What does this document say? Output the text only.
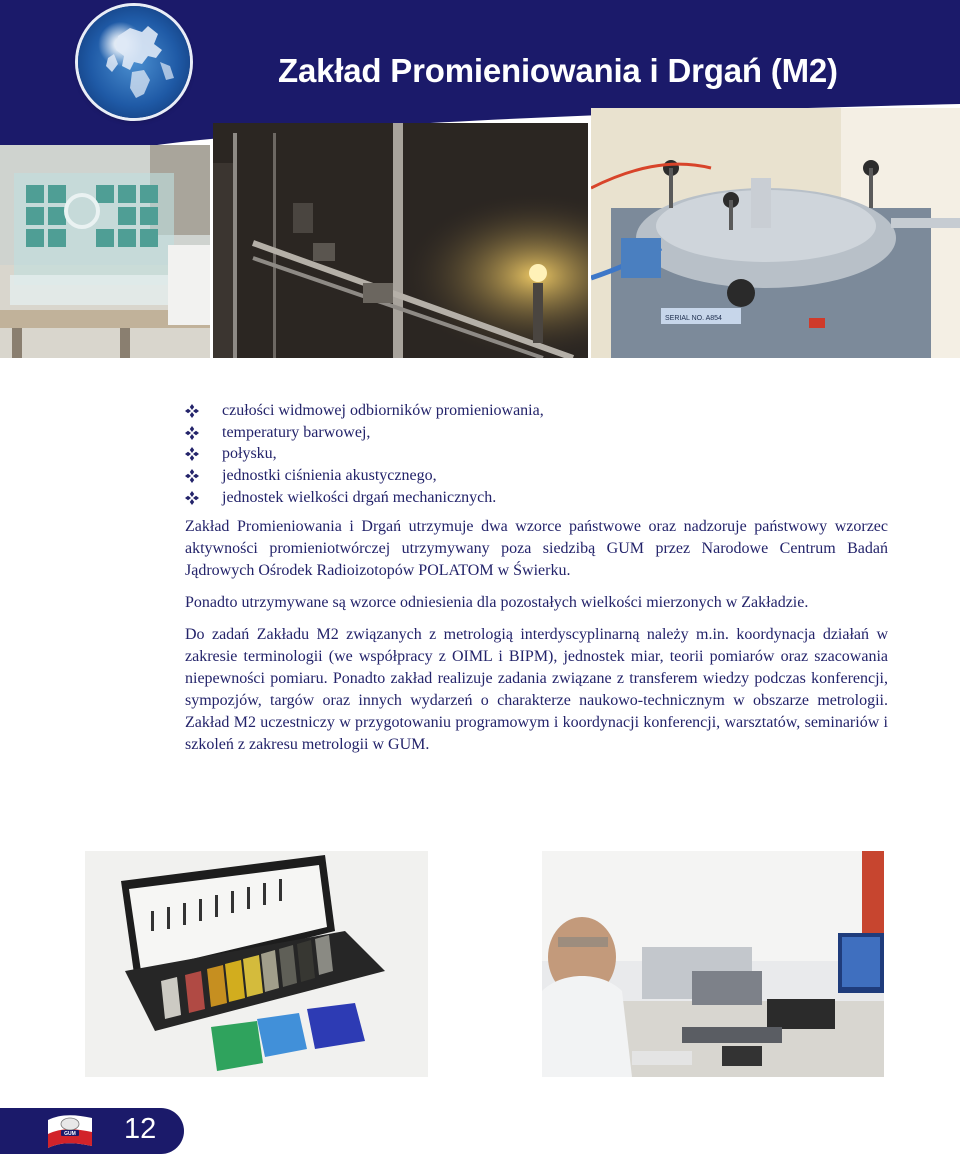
Zakład Promieniowania i Drgań (M2)
SERIAL NO. A854
czułości widmowej odbiorników promieniowania,
temperatury barwowej,
połysku,
jednostki ciśnienia akustycznego,
jednostek wielkości drgań mechanicznych.

Zakład Promieniowania i Drgań utrzymuje dwa wzorce państwowe oraz nadzoruje państwowy wzorzec aktywności promieniotwórczej utrzymywany poza siedzibą GUM przez Narodowe Centrum Badań Jądrowych Ośrodek Radioizotopów POLATOM w Świerku.

Ponadto utrzymywane są wzorce odniesienia dla pozostałych wielkości mierzonych w Zakładzie.

Do zadań Zakładu M2 związanych z metrologią interdyscyplinarną należy m.in. koordynacja działań w zakresie terminologii (we współpracy z OIML i BIPM), jednostek miar, teorii pomiarów oraz szacowania niepewności pomiaru. Ponadto zakład realizuje zadania związane z transferem wiedzy podczas konferencji, sympozjów, targów oraz innych wydarzeń o charakterze naukowo-technicznym w obszarze metrologii. Zakład M2 uczestniczy w przygotowaniu programowym i koordynacji konferencji, warsztatów, seminariów i szkoleń z zakresu metrologii w GUM.

GUM 12
